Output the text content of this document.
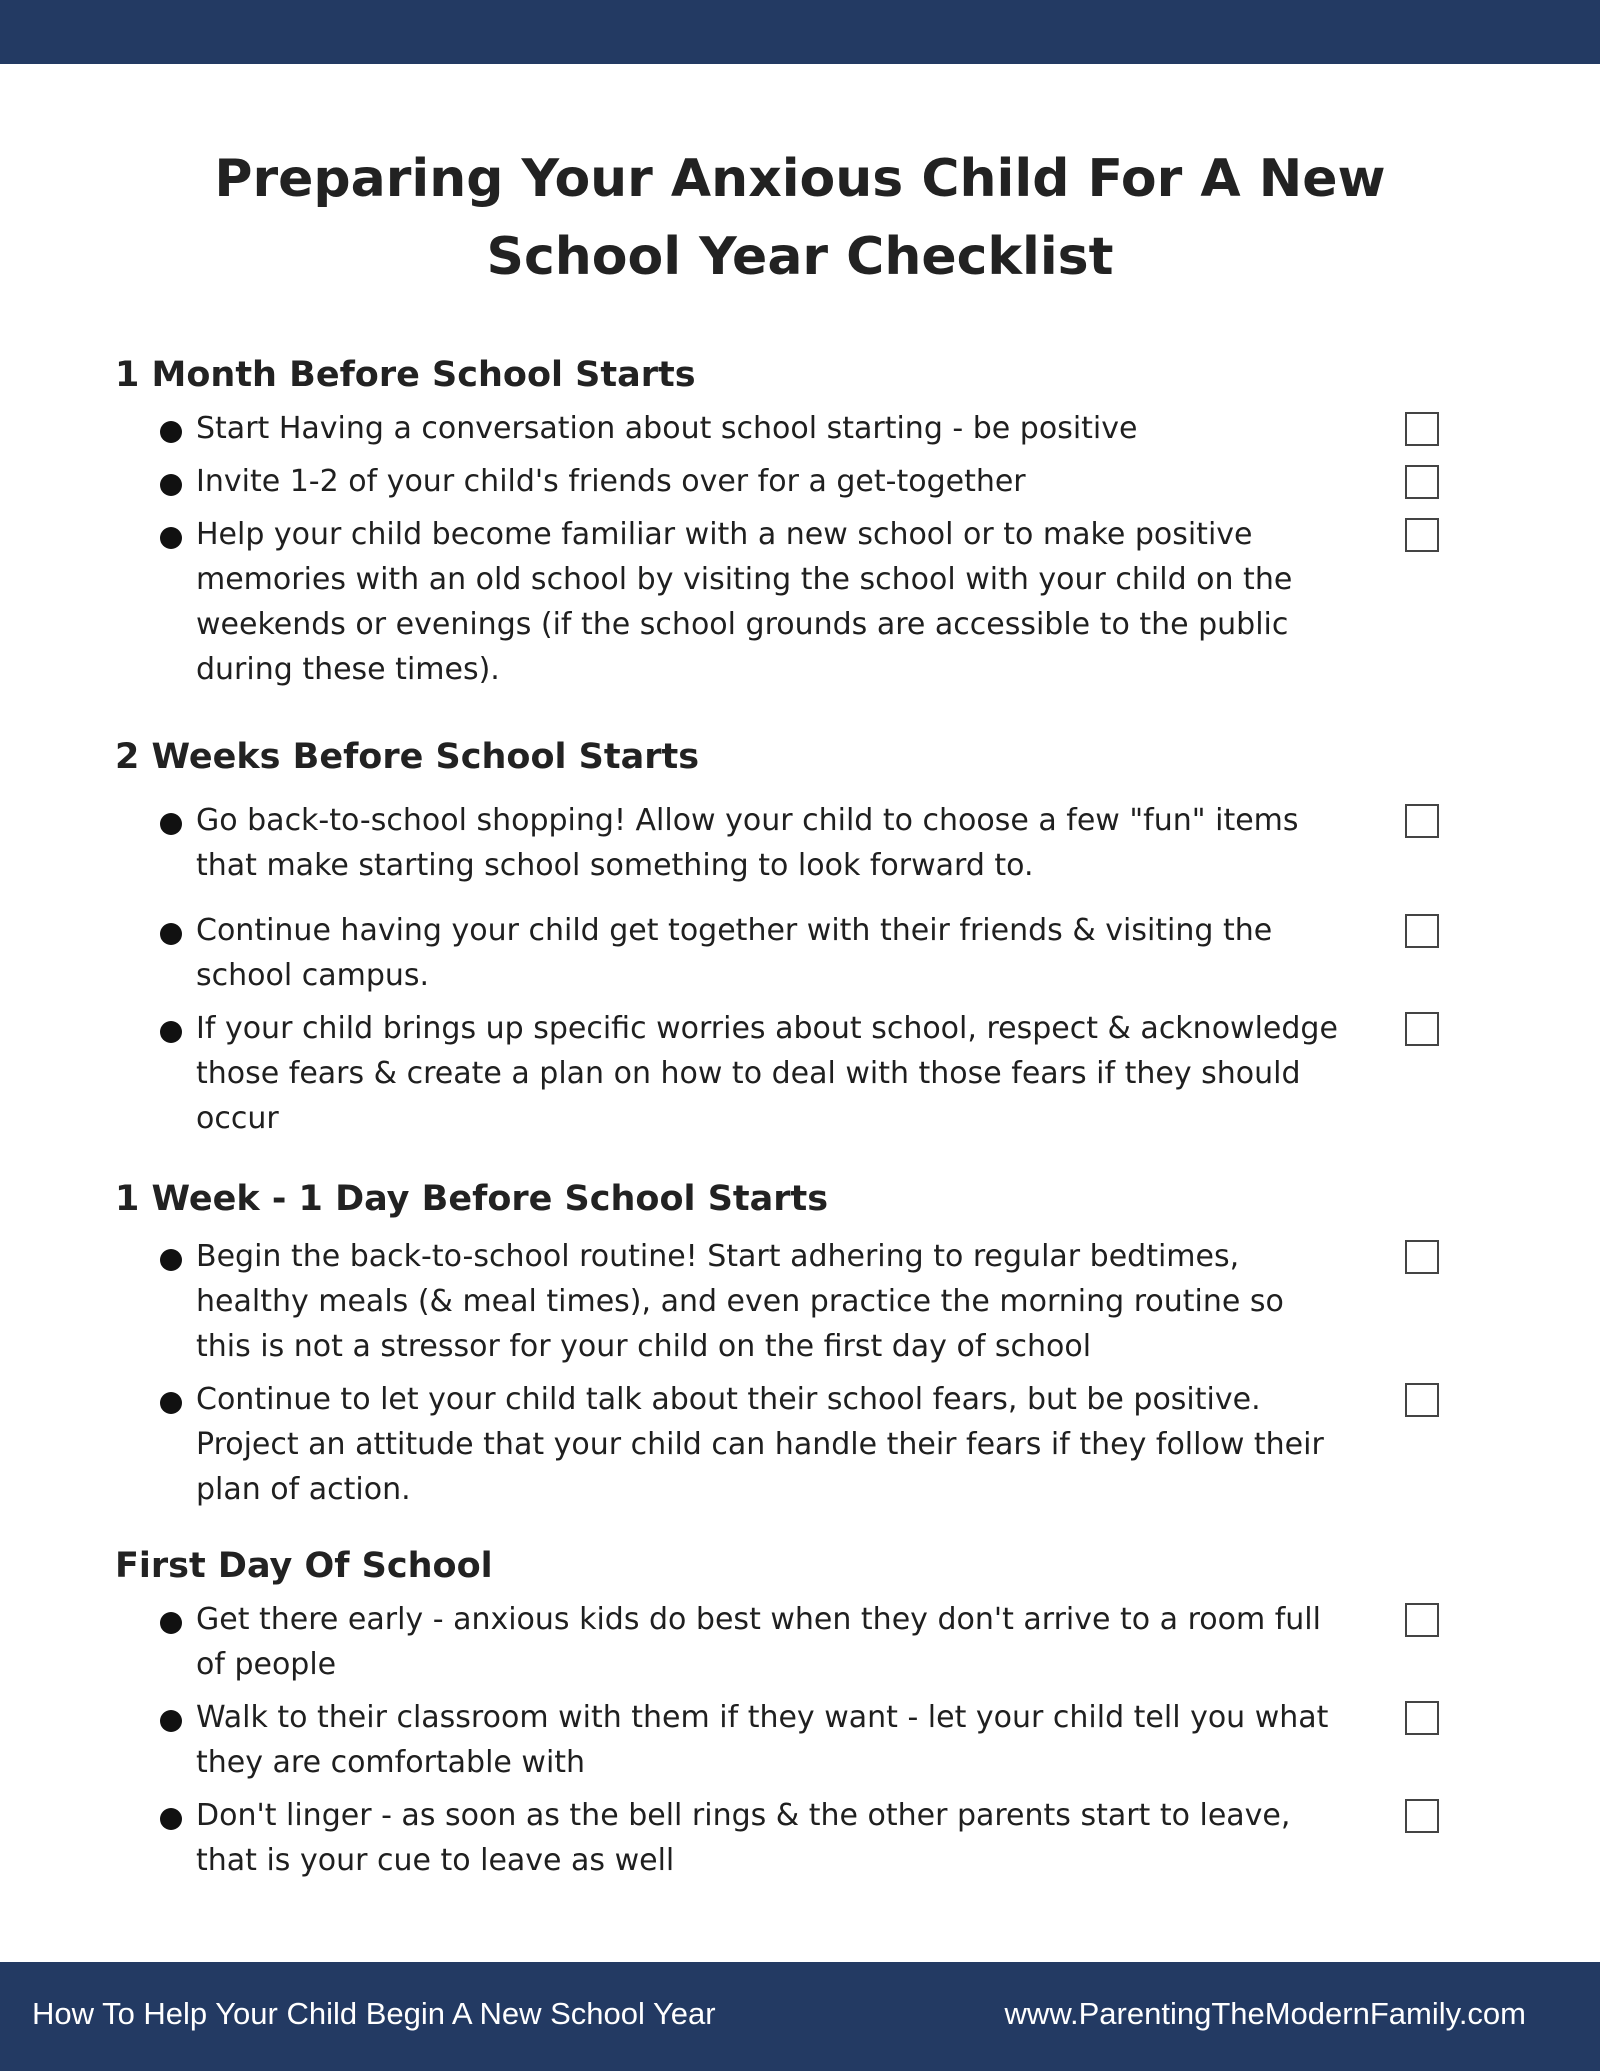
Preparing Your Anxious Child For A New
School Year Checklist
1 Month Before School Starts
Start Having a conversation about school starting - be positive
Invite 1-2 of your child's friends over for a get-together
Help your child become familiar with a new school or to make positive memories with an old school by visiting the school with your child on the weekends or evenings (if the school grounds are accessible to the public during these times).
2 Weeks Before School Starts
Go back-to-school shopping! Allow your child to choose a few "fun" items that make starting school something to look forward to.
Continue having your child get together with their friends & visiting the school campus.
If your child brings up specific worries about school, respect & acknowledge those fears & create a plan on how to deal with those fears if they should occur
1 Week - 1 Day Before School Starts
Begin the back-to-school routine! Start adhering to regular bedtimes, healthy meals (& meal times), and even practice the morning routine so this is not a stressor for your child on the first day of school
Continue to let your child talk about their school fears, but be positive. Project an attitude that your child can handle their fears if they follow their plan of action.
First Day Of School
Get there early - anxious kids do best when they don't arrive to a room full of people
Walk to their classroom with them if they want - let your child tell you what they are comfortable with
Don't linger - as soon as the bell rings & the other parents start to leave, that is your cue to leave as well
How To Help Your Child Begin A New School Year	www.ParentingTheModernFamily.com
